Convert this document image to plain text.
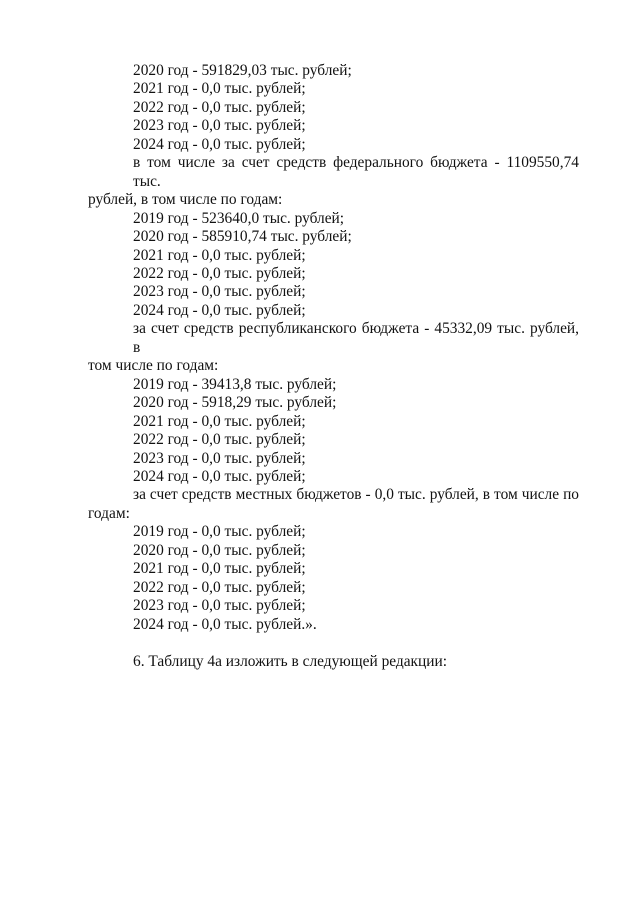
2020 год - 591829,03 тыс. рублей;
2021 год - 0,0 тыс. рублей;
2022 год - 0,0 тыс. рублей;
2023 год - 0,0 тыс. рублей;
2024 год - 0,0 тыс. рублей;
в том числе за счет средств федерального бюджета - 1109550,74 тыс.
рублей, в том числе по годам:
2019 год - 523640,0 тыс. рублей;
2020 год - 585910,74 тыс. рублей;
2021 год - 0,0 тыс. рублей;
2022 год - 0,0 тыс. рублей;
2023 год - 0,0 тыс. рублей;
2024 год - 0,0 тыс. рублей;
за счет средств республиканского бюджета - 45332,09 тыс. рублей, в
том числе по годам:
2019 год - 39413,8 тыс. рублей;
2020 год - 5918,29 тыс. рублей;
2021 год - 0,0 тыс. рублей;
2022 год - 0,0 тыс. рублей;
2023 год - 0,0 тыс. рублей;
2024 год - 0,0 тыс. рублей;
за счет средств местных бюджетов - 0,0 тыс. рублей, в том числе по
годам:
2019 год - 0,0 тыс. рублей;
2020 год - 0,0 тыс. рублей;
2021 год - 0,0 тыс. рублей;
2022 год - 0,0 тыс. рублей;
2023 год - 0,0 тыс. рублей;
2024 год - 0,0 тыс. рублей.».
6. Таблицу 4а изложить в следующей редакции:
